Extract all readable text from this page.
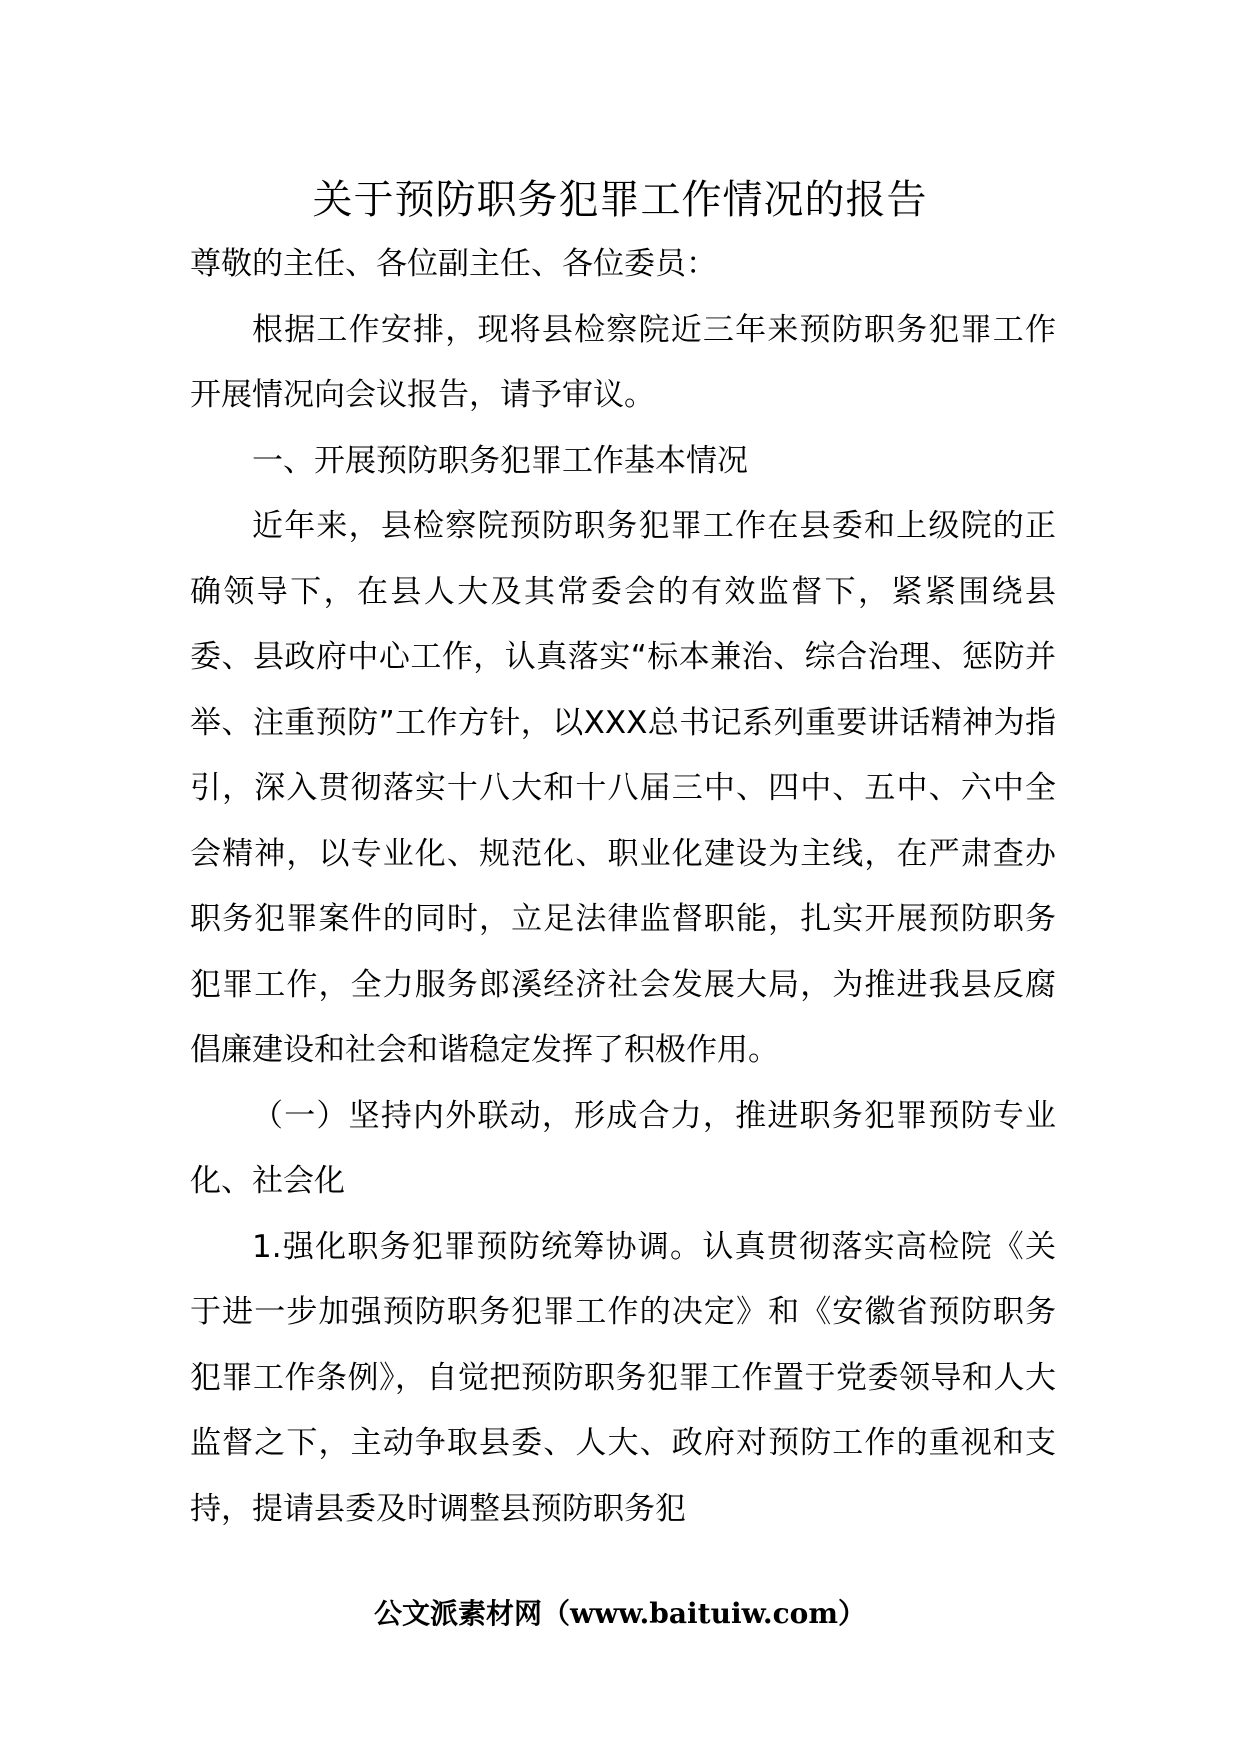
关于预防职务犯罪工作情况的报告

尊敬的主任、各位副主任、各位委员：

根据工作安排，现将县检察院近三年来预防职务犯罪工作开展情况向会议报告，请予审议。

一、开展预防职务犯罪工作基本情况

近年来，县检察院预防职务犯罪工作在县委和上级院的正确领导下，在县人大及其常委会的有效监督下，紧紧围绕县委、县政府中心工作，认真落实“标本兼治、综合治理、惩防并举、注重预防”工作方针，以XXX总书记系列重要讲话精神为指引，深入贯彻落实十八大和十八届三中、四中、五中、六中全会精神，以专业化、规范化、职业化建设为主线，在严肃查办职务犯罪案件的同时，立足法律监督职能，扎实开展预防职务犯罪工作，全力服务郎溪经济社会发展大局，为推进我县反腐倡廉建设和社会和谐稳定发挥了积极作用。

（一）坚持内外联动，形成合力，推进职务犯罪预防专业化、社会化

1.强化职务犯罪预防统筹协调。认真贯彻落实高检院《关于进一步加强预防职务犯罪工作的决定》和《安徽省预防职务犯罪工作条例》，自觉把预防职务犯罪工作置于党委领导和人大监督之下，主动争取县委、人大、政府对预防工作的重视和支持，提请县委及时调整县预防职务犯

公文派素材网（www.baituiw.com）
